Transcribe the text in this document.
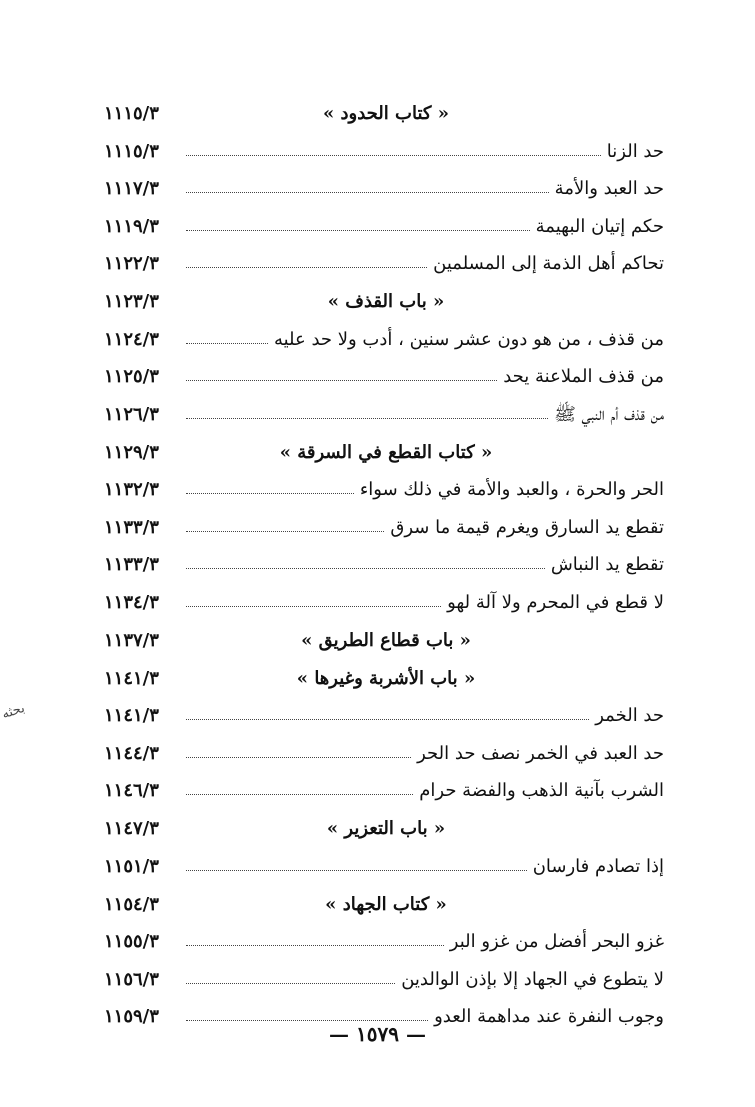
بحثه
« كتاب الحدود »
١١١٥/٣
حد الزنا
١١١٥/٣
حد العبد والأمة
١١١٧/٣
حكم إتيان البهيمة
١١١٩/٣
تحاكم أهل الذمة إلى المسلمين
١١٢٢/٣
« باب القذف »
١١٢٣/٣
من قذف ، من هو دون عشر سنين ، أدب ولا حد عليه
١١٢٤/٣
من قذف الملاعنة يحد
١١٢٥/٣
من قذف أم النبي ﷺ
١١٢٦/٣
« كتاب القطع في السرقة »
١١٢٩/٣
الحر والحرة ، والعبد والأمة في ذلك سواء
١١٣٢/٣
تقطع يد السارق ويغرم قيمة ما سرق
١١٣٣/٣
تقطع يد النباش
١١٣٣/٣
لا قطع في المحرم ولا آلة لهو
١١٣٤/٣
« باب قطاع الطريق »
١١٣٧/٣
« باب الأشربة وغيرها »
١١٤١/٣
حد الخمر
١١٤١/٣
حد العبد في الخمر نصف حد الحر
١١٤٤/٣
الشرب بآنية الذهب والفضة حرام
١١٤٦/٣
« باب التعزير »
١١٤٧/٣
إذا تصادم فارسان
١١٥١/٣
« كتاب الجهاد »
١١٥٤/٣
غزو البحر أفضل من غزو البر
١١٥٥/٣
لا يتطوع في الجهاد إلا بإذن الوالدين
١١٥٦/٣
وجوب النفرة عند مداهمة العدو
١١٥٩/٣
— ١٥٧٩ —
